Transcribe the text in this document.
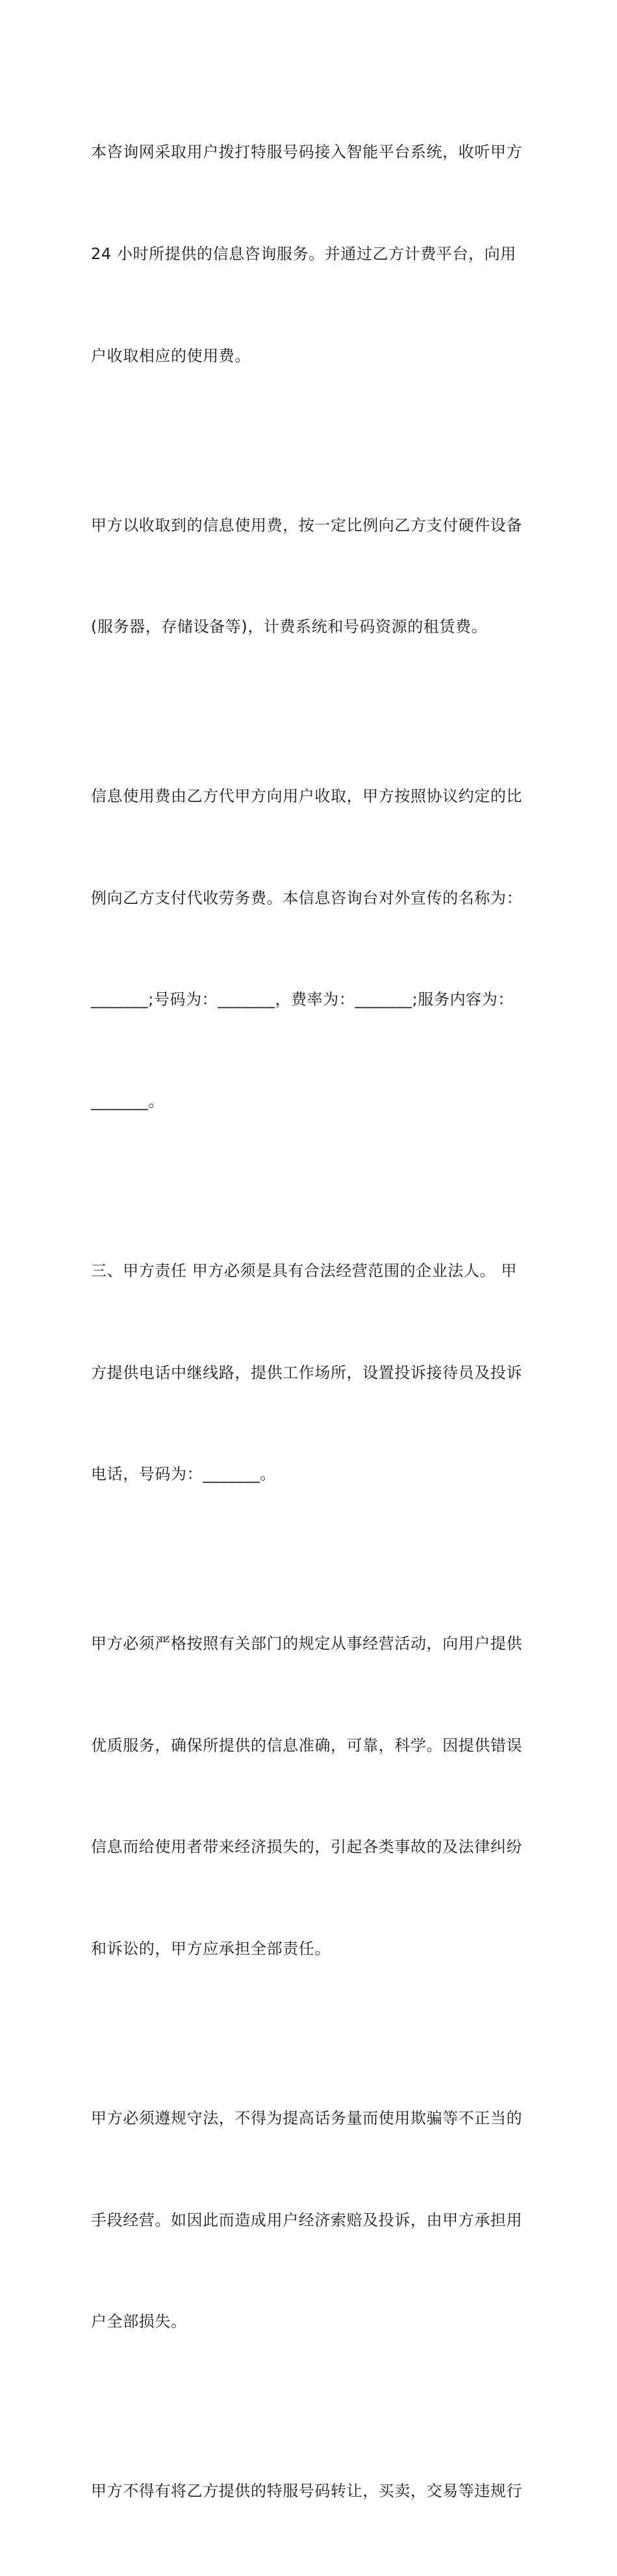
本咨询网采取用户拨打特服号码接入智能平台系统，收听甲方

24 小时所提供的信息咨询服务。并通过乙方计费平台，向用

户收取相应的使用费。

甲方以收取到的信息使用费，按一定比例向乙方支付硬件设备

(服务器，存储设备等)，计费系统和号码资源的租赁费。

信息使用费由乙方代甲方向用户收取，甲方按照协议约定的比

例向乙方支付代收劳务费。本信息咨询台对外宣传的名称为：

_______;号码为：_______，费率为：_______;服务内容为：

_______。

三、甲方责任 甲方必须是具有合法经营范围的企业法人。 甲

方提供电话中继线路，提供工作场所，设置投诉接待员及投诉

电话，号码为：_______。

甲方必须严格按照有关部门的规定从事经营活动，向用户提供

优质服务，确保所提供的信息准确，可靠，科学。因提供错误

信息而给使用者带来经济损失的，引起各类事故的及法律纠纷

和诉讼的，甲方应承担全部责任。

甲方必须遵规守法，不得为提高话务量而使用欺骗等不正当的

手段经营。如因此而造成用户经济索赔及投诉，由甲方承担用

户全部损失。

甲方不得有将乙方提供的特服号码转让，买卖，交易等违规行
